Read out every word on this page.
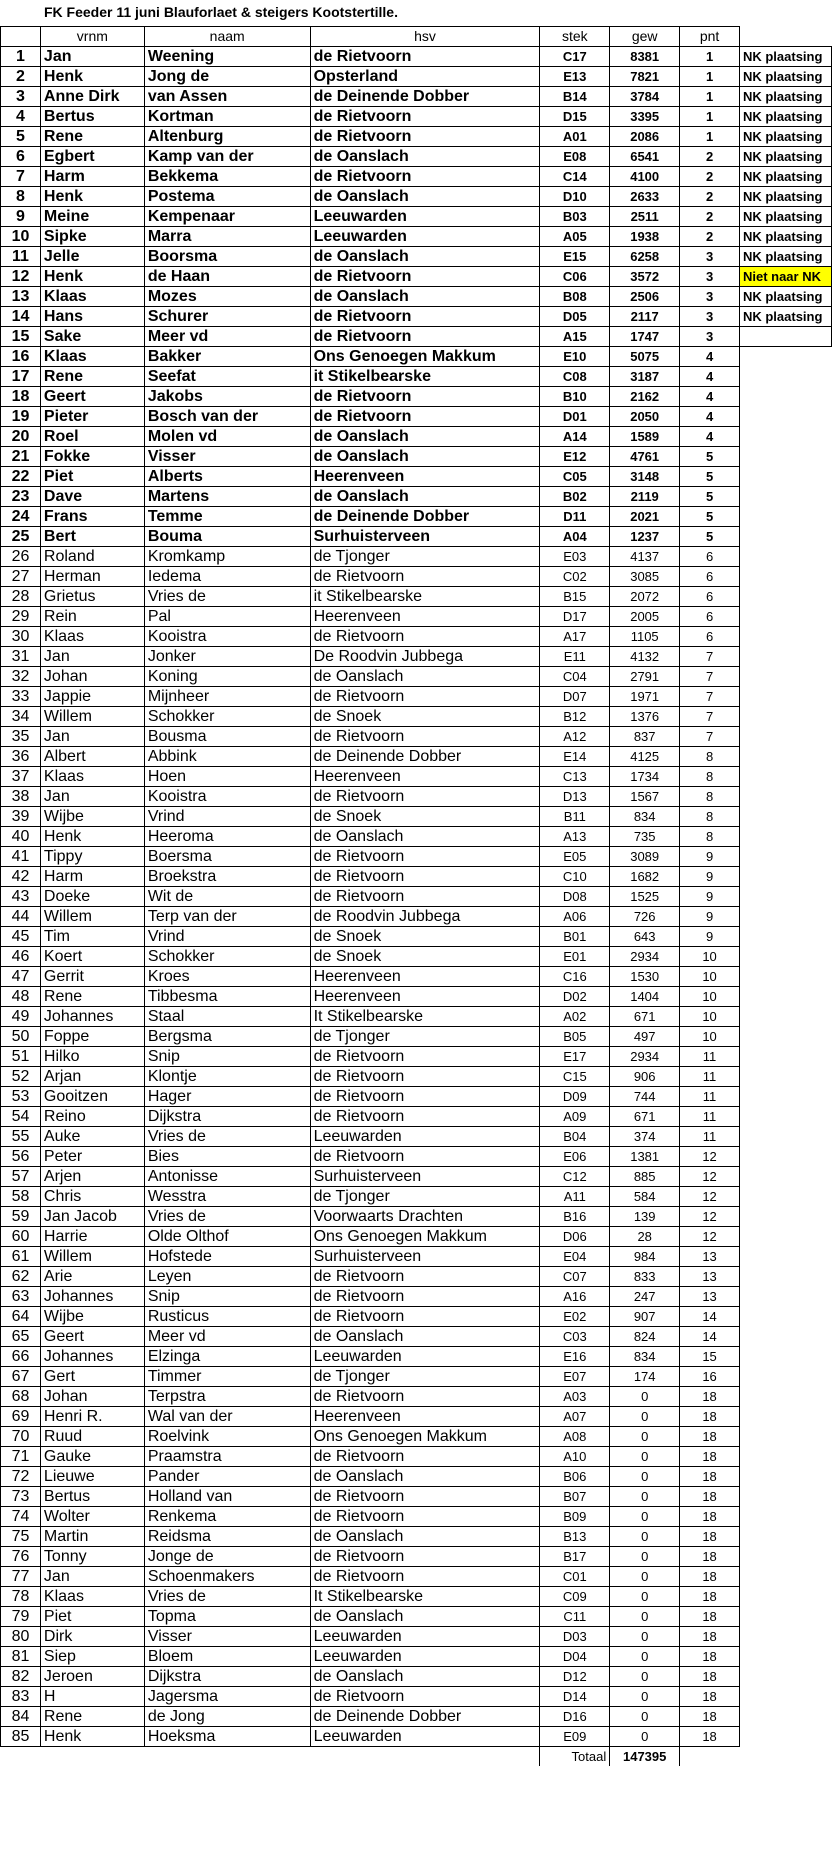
FK Feeder 11 juni Blauforlaet & steigers Kootstertille.
	vrnm	naam	hsv	stek	gew	pnt	
1	Jan	Weening	de Rietvoorn	C17	8381	1	NK plaatsing
2	Henk	Jong de	Opsterland	E13	7821	1	NK plaatsing
3	Anne Dirk	van Assen	de Deinende Dobber	B14	3784	1	NK plaatsing
4	Bertus	Kortman	de Rietvoorn	D15	3395	1	NK plaatsing
5	Rene	Altenburg	de Rietvoorn	A01	2086	1	NK plaatsing
6	Egbert	Kamp van der	de Oanslach	E08	6541	2	NK plaatsing
7	Harm	Bekkema	de Rietvoorn	C14	4100	2	NK plaatsing
8	Henk	Postema	de Oanslach	D10	2633	2	NK plaatsing
9	Meine	Kempenaar	Leeuwarden	B03	2511	2	NK plaatsing
10	Sipke	Marra	Leeuwarden	A05	1938	2	NK plaatsing
11	Jelle	Boorsma	de Oanslach	E15	6258	3	NK plaatsing
12	Henk	de Haan	de Rietvoorn	C06	3572	3	Niet naar NK
13	Klaas	Mozes	de Oanslach	B08	2506	3	NK plaatsing
14	Hans	Schurer	de Rietvoorn	D05	2117	3	NK plaatsing
15	Sake	Meer vd	de Rietvoorn	A15	1747	3	
16	Klaas	Bakker	Ons Genoegen Makkum	E10	5075	4	
17	Rene	Seefat	it Stikelbearske	C08	3187	4	
18	Geert	Jakobs	de Rietvoorn	B10	2162	4	
19	Pieter	Bosch van der	de Rietvoorn	D01	2050	4	
20	Roel	Molen vd	de Oanslach	A14	1589	4	
21	Fokke	Visser	de Oanslach	E12	4761	5	
22	Piet	Alberts	Heerenveen	C05	3148	5	
23	Dave	Martens	de Oanslach	B02	2119	5	
24	Frans	Temme	de Deinende Dobber	D11	2021	5	
25	Bert	Bouma	Surhuisterveen	A04	1237	5	
26	Roland	Kromkamp	de Tjonger	E03	4137	6	
27	Herman	Iedema	de Rietvoorn	C02	3085	6	
28	Grietus	Vries de	it Stikelbearske	B15	2072	6	
29	Rein	Pal	Heerenveen	D17	2005	6	
30	Klaas	Kooistra	de Rietvoorn	A17	1105	6	
31	Jan	Jonker	De Roodvin Jubbega	E11	4132	7	
32	Johan	Koning	de Oanslach	C04	2791	7	
33	Jappie	Mijnheer	de Rietvoorn	D07	1971	7	
34	Willem	Schokker	de Snoek	B12	1376	7	
35	Jan	Bousma	de Rietvoorn	A12	837	7	
36	Albert	Abbink	de Deinende Dobber	E14	4125	8	
37	Klaas	Hoen	Heerenveen	C13	1734	8	
38	Jan	Kooistra	de Rietvoorn	D13	1567	8	
39	Wijbe	Vrind	de Snoek	B11	834	8	
40	Henk	Heeroma	de Oanslach	A13	735	8	
41	Tippy	Boersma	de Rietvoorn	E05	3089	9	
42	Harm	Broekstra	de Rietvoorn	C10	1682	9	
43	Doeke	Wit de	de Rietvoorn	D08	1525	9	
44	Willem	Terp van der	de Roodvin Jubbega	A06	726	9	
45	Tim	Vrind	de Snoek	B01	643	9	
46	Koert	Schokker	de Snoek	E01	2934	10	
47	Gerrit	Kroes	Heerenveen	C16	1530	10	
48	Rene	Tibbesma	Heerenveen	D02	1404	10	
49	Johannes	Staal	It Stikelbearske	A02	671	10	
50	Foppe	Bergsma	de Tjonger	B05	497	10	
51	Hilko	Snip	de Rietvoorn	E17	2934	11	
52	Arjan	Klontje	de Rietvoorn	C15	906	11	
53	Gooitzen	Hager	de Rietvoorn	D09	744	11	
54	Reino	Dijkstra	de Rietvoorn	A09	671	11	
55	Auke	Vries de	Leeuwarden	B04	374	11	
56	Peter	Bies	de Rietvoorn	E06	1381	12	
57	Arjen	Antonisse	Surhuisterveen	C12	885	12	
58	Chris	Wesstra	de Tjonger	A11	584	12	
59	Jan Jacob	Vries de	Voorwaarts Drachten	B16	139	12	
60	Harrie	Olde Olthof	Ons Genoegen Makkum	D06	28	12	
61	Willem	Hofstede	Surhuisterveen	E04	984	13	
62	Arie	Leyen	de Rietvoorn	C07	833	13	
63	Johannes	Snip	de Rietvoorn	A16	247	13	
64	Wijbe	Rusticus	de Rietvoorn	E02	907	14	
65	Geert	Meer vd	de Oanslach	C03	824	14	
66	Johannes	Elzinga	Leeuwarden	E16	834	15	
67	Gert	Timmer	de Tjonger	E07	174	16	
68	Johan	Terpstra	de Rietvoorn	A03	0	18	
69	Henri R.	Wal van der	Heerenveen	A07	0	18	
70	Ruud	Roelvink	Ons Genoegen Makkum	A08	0	18	
71	Gauke	Praamstra	de Rietvoorn	A10	0	18	
72	Lieuwe	Pander	de Oanslach	B06	0	18	
73	Bertus	Holland van	de Rietvoorn	B07	0	18	
74	Wolter	Renkema	de Rietvoorn	B09	0	18	
75	Martin	Reidsma	de Oanslach	B13	0	18	
76	Tonny	Jonge de	de Rietvoorn	B17	0	18	
77	Jan	Schoenmakers	de Rietvoorn	C01	0	18	
78	Klaas	Vries de	It Stikelbearske	C09	0	18	
79	Piet	Topma	de Oanslach	C11	0	18	
80	Dirk	Visser	Leeuwarden	D03	0	18	
81	Siep	Bloem	Leeuwarden	D04	0	18	
82	Jeroen	Dijkstra	de Oanslach	D12	0	18	
83	H	Jagersma	de Rietvoorn	D14	0	18	
84	Rene	de Jong	de Deinende Dobber	D16	0	18	
85	Henk	Hoeksma	Leeuwarden	E09	0	18	
				Totaal	147395		
